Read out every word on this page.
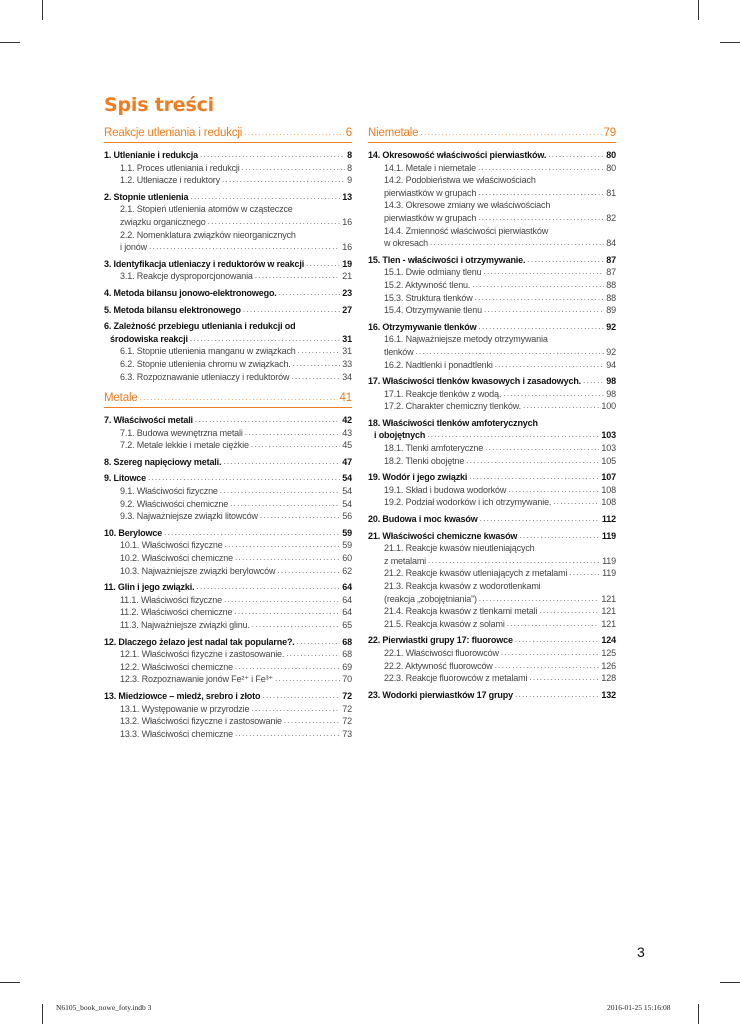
Spis treści
Reakcje utleniania i redukcji .....	6
1. Utlenianie i redukcja .....	8
1.1. Proces utleniania i redukcji .....	8
1.2. Utleniacze i reduktory .....	9
2. Stopnie utlenienia .....	13
2.1. Stopień utlenienia atomów w cząsteczce
związku organicznego .....	16
2.2. Nomenklatura związków nieorganicznych
i jonów .....	16
3. Identyfikacja utleniaczy i reduktorów w reakcji .....	19
3.1. Reakcje dysproporcjonowania .....	21
4. Metoda bilansu jonowo-elektronowego. .....	23
5. Metoda bilansu elektronowego .....	27
6. Zależność przebiegu utleniania i redukcji od
środowiska reakcji .....	31
6.1. Stopnie utlenienia manganu w związkach .....	31
6.2. Stopnie utlenienia chromu w związkach. .....	33
6.3. Rozpoznawanie utleniaczy i reduktorów .....	34
Metale .....	41
7. Właściwości metali .....	42
7.1. Budowa wewnętrzna metali .....	43
7.2. Metale lekkie i metale ciężkie .....	45
8. Szereg napięciowy metali. .....	47
9. Litowce .....	54
9.1. Właściwości fizyczne .....	54
9.2. Właściwości chemiczne .....	54
9.3. Najważniejsze związki litowców .....	56
10. Berylowce .....	59
10.1. Właściwości fizyczne .....	59
10.2. Właściwości chemiczne .....	60
10.3. Najważniejsze związki berylowców .....	62
11. Glin i jego związki. .....	64
11.1. Właściwości fizyczne .....	64
11.2. Właściwości chemiczne .....	64
11.3. Najważniejsze związki glinu. .....	65
12. Dlaczego żelazo jest nadal tak popularne?. .....	68
12.1. Właściwości fizyczne i zastosowanie. .....	68
12.2. Właściwości chemiczne .....	69
12.3. Rozpoznawanie jonów Fe²⁺ i Fe³⁺ .....	70
13. Miedziowce – miedź, srebro i złoto .....	72
13.1. Występowanie w przyrodzie .....	72
13.2. Właściwości fizyczne i zastosowanie .....	72
13.3. Właściwości chemiczne .....	73
Niemetale .....	79
14. Okresowość właściwości pierwiastków. .....	80
14.1. Metale i niemetale .....	80
14.2. Podobieństwa we właściwościach
pierwiastków w grupach .....	81
14.3. Okresowe zmiany we właściwościach
pierwiastków w grupach .....	82
14.4. Zmienność właściwości pierwiastków
w okresach .....	84
15. Tlen - właściwości i otrzymywanie. .....	87
15.1. Dwie odmiany tlenu .....	87
15.2. Aktywność tlenu. .....	88
15.3. Struktura tlenków .....	88
15.4. Otrzymywanie tlenu .....	89
16. Otrzymywanie tlenków .....	92
16.1. Najważniejsze metody otrzymywania
tlenków .....	92
16.2. Nadtlenki i ponadtlenki .....	94
17. Właściwości tlenków kwasowych i zasadowych. .....	98
17.1. Reakcje tlenków z wodą. .....	98
17.2. Charakter chemiczny tlenków. .....	100
18. Właściwości tlenków amfoterycznych
i obojętnych .....	103
18.1. Tlenki amfoteryczne .....	103
18.2. Tlenki obojętne .....	105
19. Wodór i jego związki .....	107
19.1. Skład i budowa wodorków .....	108
19.2. Podział wodorków i ich otrzymywanie. .....	108
20. Budowa i moc kwasów .....	112
21. Właściwości chemiczne kwasów .....	119
21.1. Reakcje kwasów nieutleniających
z metalami .....	119
21.2. Reakcje kwasów utleniających z metalami .....	119
21.3. Reakcja kwasów z wodorotlenkami
(reakcja „zobojętniania”) .....	121
21.4. Reakcja kwasów z tlenkami metali .....	121
21.5. Reakcja kwasów z solami .....	121
22. Pierwiastki grupy 17: fluorowce .....	124
22.1. Właściwości fluorowców .....	125
22.2. Aktywność fluorowców .....	126
22.3. Reakcje fluorowców z metalami .....	128
23. Wodorki pierwiastków 17 grupy .....	132

3

N6105_book_nowe_foty.indb 3	2016-01-25 15:16:08
